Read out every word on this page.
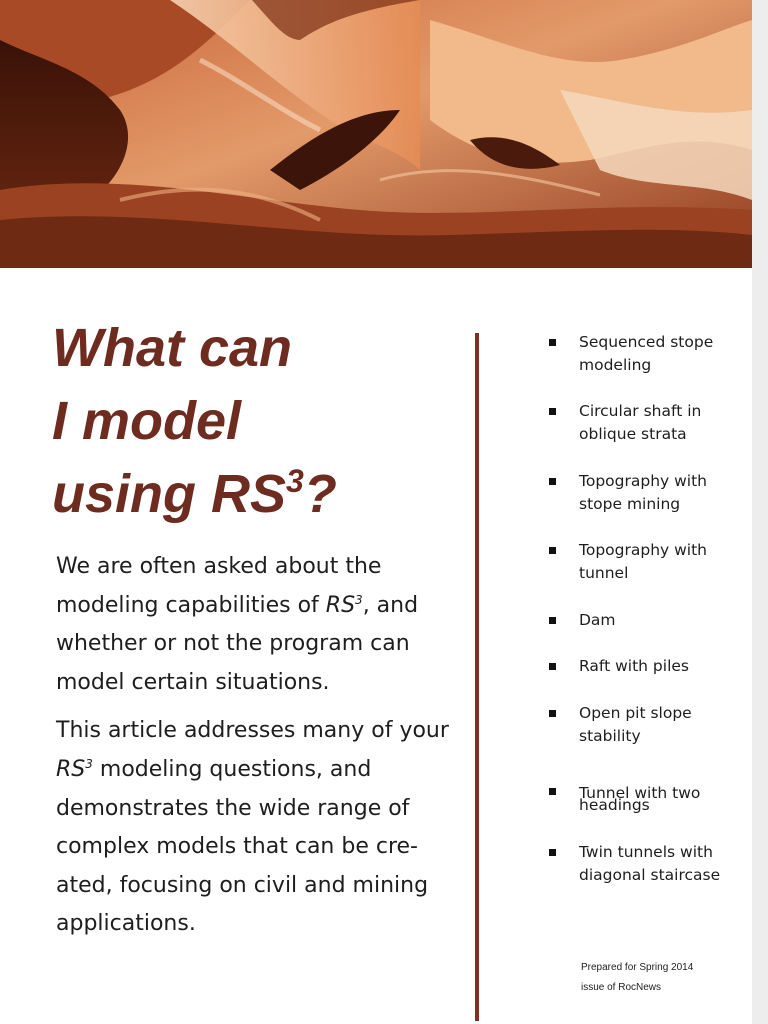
What can
I model
using $RS^3$?

We are often asked about the modeling capabilities of $RS^3$, and whether or not the program can model certain situations.

This article addresses many of your $RS^3$ modeling questions, and demonstrates the wide range of complex models that can be cre-ated, focusing on civil and mining applications.

Sequenced stope modeling
Circular shaft in oblique strata
Topography with stope mining
Topography with tunnel
Dam
Raft with piles
Open pit slope stability
Tunnel with two headings
Twin tunnels with diagonal staircase
Prepared for Spring 2014
issue of RocNews
